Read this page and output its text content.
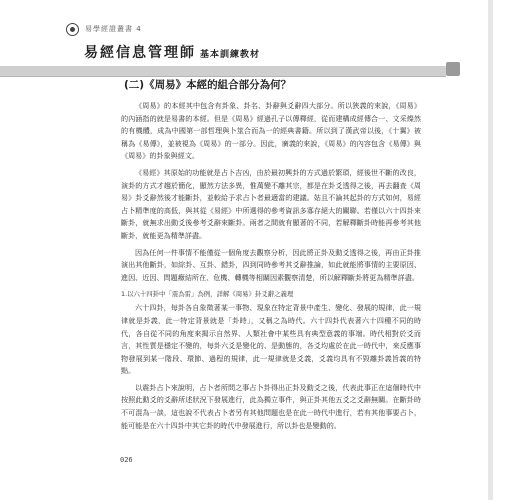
易學經證叢書 4
易經信息管理師 基本訓練教材
(二)《周易》本經的組合部分為何？

《周易》的本經其中包含有卦象、卦名、卦辭與爻辭四大部分。所以狹義的來說，《周易》的內涵指的就是易書的本經。但是《周易》經過孔子以傳釋經，從而建構成經傳合一、文采燦然的有機體，成為中國第一部哲理與卜筮合而為一的經典書籍。所以到了漢武帝以後，《十翼》被稱為《易傳》，並被視為《周易》的一部分。因此，廣義的來說，《周易》的內容包含《易傳》與《周易》的卦象與經文。

《易經》其原始的功能就是占卜吉凶，由於最初興卦的方式過於繁瑣，經後世不斷的改良，演卦的方式才趨於簡化，顯然方法多異，惟萬變不離其宗，都是在卦爻透得之後，再去翻查《周易》卦爻辭然後才能斷卦，並較給予求占卜者最適當的建議。姑且不論其起卦的方式如何，易經占卜精準度的高低，與其從《易經》中所選得的參考資訊多寡存絕大的關聯。若僅以六十四卦來斷卦，就無求出動爻後參考爻辭來斷卦。兩者之間就有顯著的不同，若解釋斷卦時能再參考其他斷卦，就能更為精準詳盡。

因為任何一件事情不能僅從一個角度去觀察分析，因此將正卦及動爻透得之後，再由正卦推演出其他斷卦，如綜卦、互卦、錯卦，四到同時參考其爻辭推論，如此就能將事情的主要原因、進因、近因、問題癥結所在、危機、轉機等相關因素觀察清楚，所以解釋斷卦將更為精準詳盡。

1.以六十四卦中「震為雷」為例，詳解《周易》卦爻辭之義理

六十四卦，每卦各自象徵著某一事物、現象在特定背景中產生、變化、發展的規律，此一規律就是卦義，此一特定背景就是「卦時」，又稱之為時代。六十四卦代表著六十四種不同的時代，各自從不同的角度來揭示自然界、人類社會中某些具有典型意義的事端。時代相對於爻而言，其性質是穩定不變的，每卦六爻是變化的、是動態的，各爻均處於在此一時代中，來反應事物發展到某一階段、環節、過程的規律，此一規律就是爻義，爻義均具有不毀離卦義旨義的特點。

以震卦占卜來說明，占卜者所問之事占卜卦得出正卦及動爻之後，代表此事正在這個時代中按照此動爻的爻辭所述狀況下發展進行，此為獨立事件，與正卦其他五爻之爻辭無關。在斷卦時不可混為一談，這也說不代表占卜者另有其他問題也是在此一時代中進行，若有其他事要占卜，能可能是在六十四卦中其它卦的時代中發展進行，所以卦也是變動的。

026
